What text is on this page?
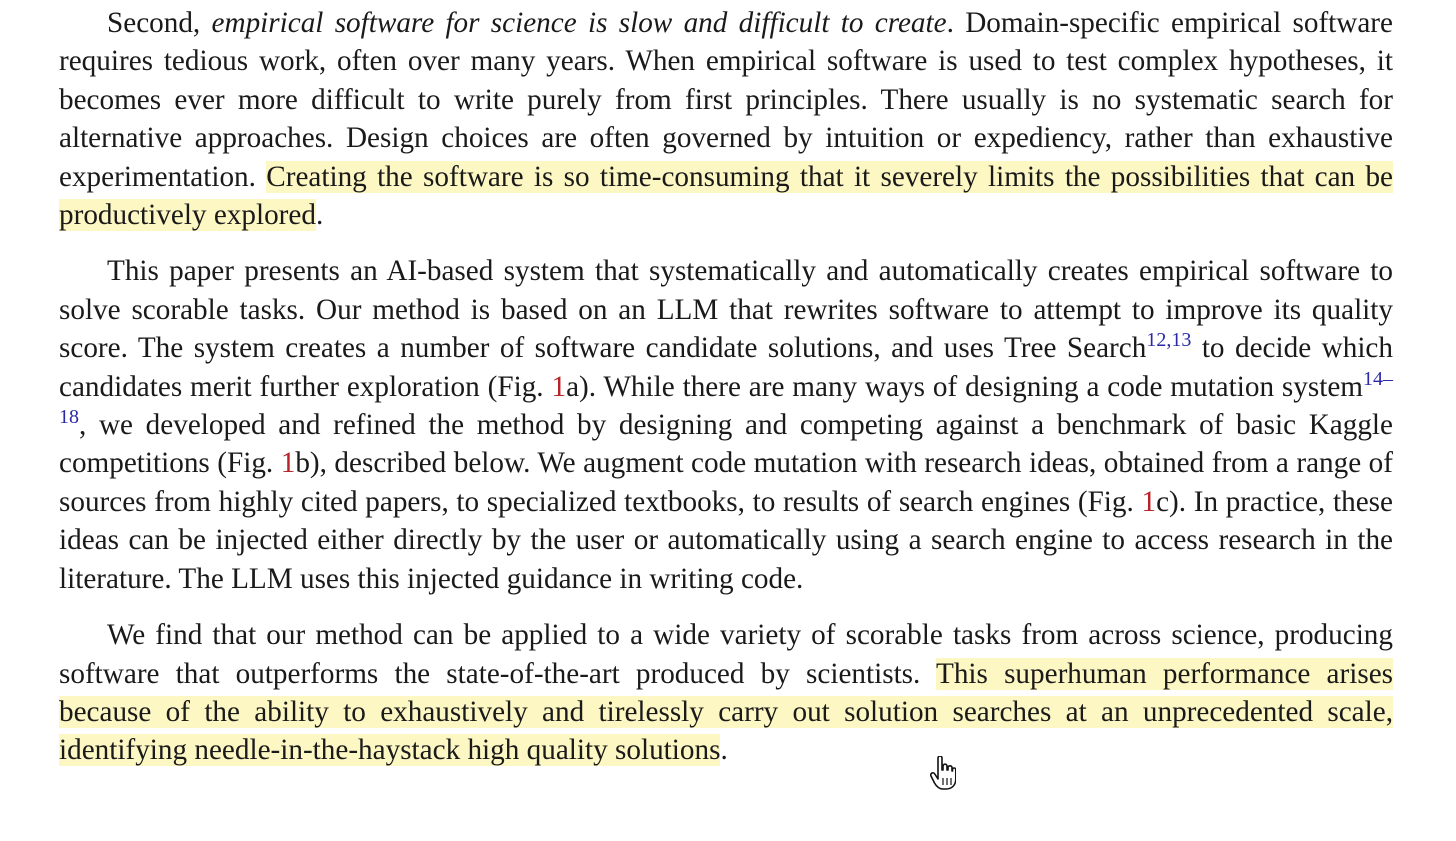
Second, empirical software for science is slow and difficult to create. Domain-specific empirical software requires tedious work, often over many years. When empirical software is used to test complex hypotheses, it becomes ever more difficult to write purely from first principles. There usually is no systematic search for alternative approaches. Design choices are often governed by intuition or expediency, rather than exhaustive experimentation. Creating the software is so time-consuming that it severely limits the possibilities that can be productively explored.

This paper presents an AI-based system that systematically and automatically creates empirical software to solve scorable tasks. Our method is based on an LLM that rewrites software to attempt to improve its quality score. The system creates a number of software candidate solutions, and uses Tree Search$^{12,13}$ to decide which candidates merit further exploration (Fig. 1a). While there are many ways of designing a code mutation system$^{14-18}$, we developed and refined the method by designing and competing against a benchmark of basic Kaggle competitions (Fig. 1b), described below. We augment code mutation with research ideas, obtained from a range of sources from highly cited papers, to specialized textbooks, to results of search engines (Fig. 1c). In practice, these ideas can be injected either directly by the user or automatically using a search engine to access research in the literature. The LLM uses this injected guidance in writing code.

We find that our method can be applied to a wide variety of scorable tasks from across science, producing software that outperforms the state-of-the-art produced by scientists. This superhuman performance arises because of the ability to exhaustively and tirelessly carry out solution searches at an unprecedented scale, identifying needle-in-the-haystack high quality solutions.
